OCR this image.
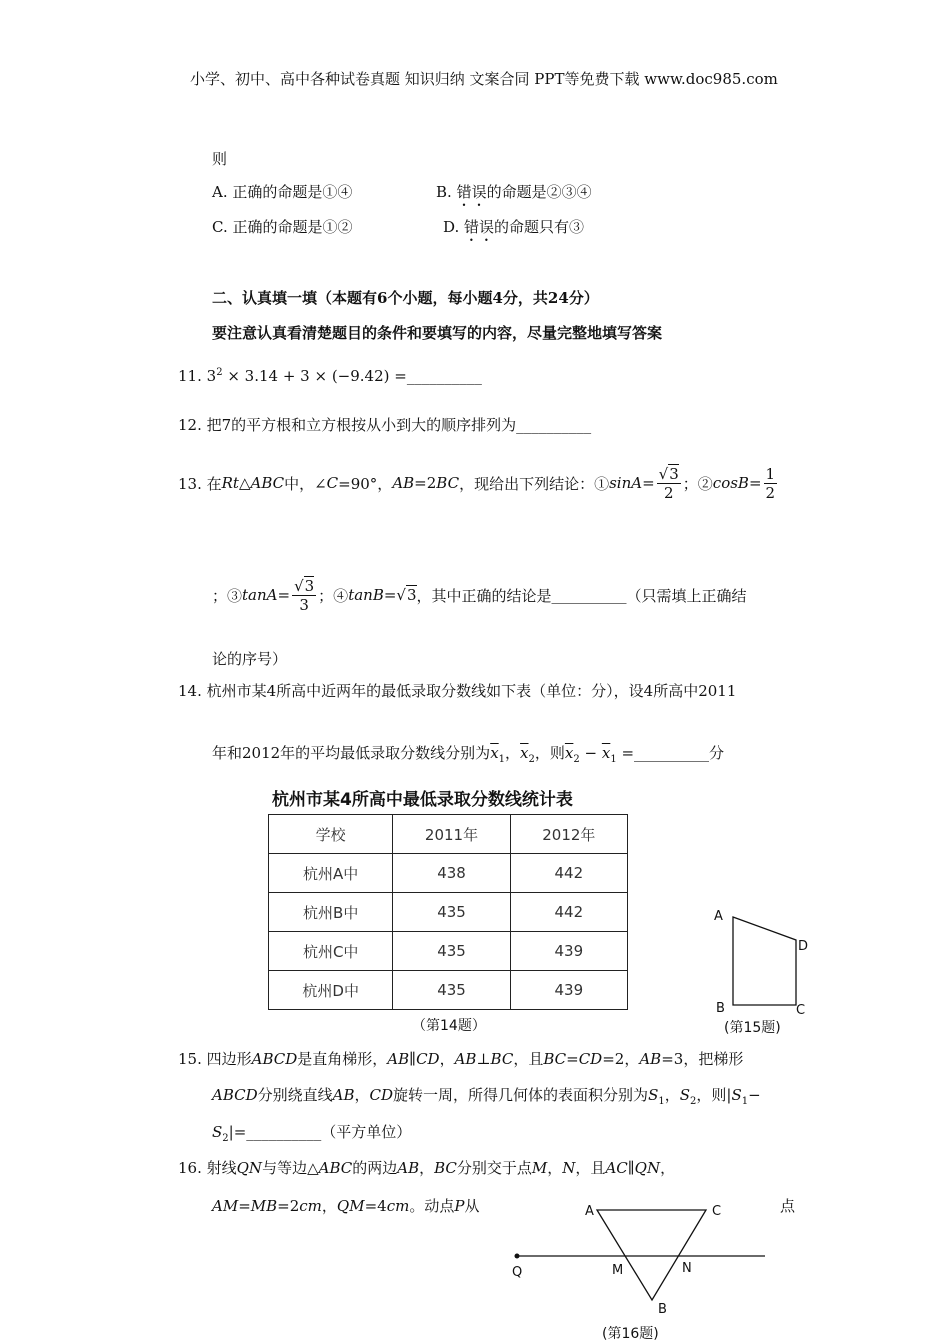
小学、初中、高中各种试卷真题 知识归纳 文案合同 PPT等免费下载 www.doc985.com
则
A. 正确的命题是①④	B. 错误的命题是②③④
C. 正确的命题是①②	D. 错误的命题只有③
二、认真填一填（本题有6个小题，每小题4分，共24分）
要注意认真看清楚题目的条件和要填写的内容，尽量完整地填写答案
11. $3^2 \times 3.14 + 3 \times (-9.42)$ =__________
12. 把7的平方根和立方根按从小到大的顺序排列为__________
13. 在 Rt△ABC 中，∠ C =90°， AB =2 BC ，现给出下列结论：① $\sin A = \frac{√3}{2}$ ；② $\cos B = \frac{1}{2}$
；③ $\tan A = \frac{√3}{3}$ ；④ tanB = √3 ，其中正确的结论是 __________ （只需填上正确结
论的序号）
14. 杭州市某4所高中近两年的最低录取分数线如下表（单位：分），设4所高中2011
年和2012年的平均最低录取分数线分别为$\overline{x}_1$，$\overline{x}_2$，则$\overline{x}_2 - \overline{x}_1$ =__________分
杭州市某4所高中最低录取分数线统计表
学校	2011年	2012年
杭州A中	438	442
杭州B中	435	442
杭州C中	435	439
杭州D中	435	439
（第14题）
A
D
B	C
(第15题)
15. 四边形ABCD是直角梯形，AB∥CD，AB⊥BC，且BC=CD=2，AB=3，把梯形
ABCD分别绕直线AB，CD旋转一周，所得几何体的表面积分别为$S_1$，$S_2$，则$|S_1-$
$S_2|=\_\_\_\_\_\_\_\_\_\_$（平方单位）
16. 射线QN与等边△ABC的两边AB，BC分别交于点M，N，且AC∥QN，
AM=MB=2cm，QM=4cm。动点P从	点
A	C
Q	M	N
B
(第16题)
